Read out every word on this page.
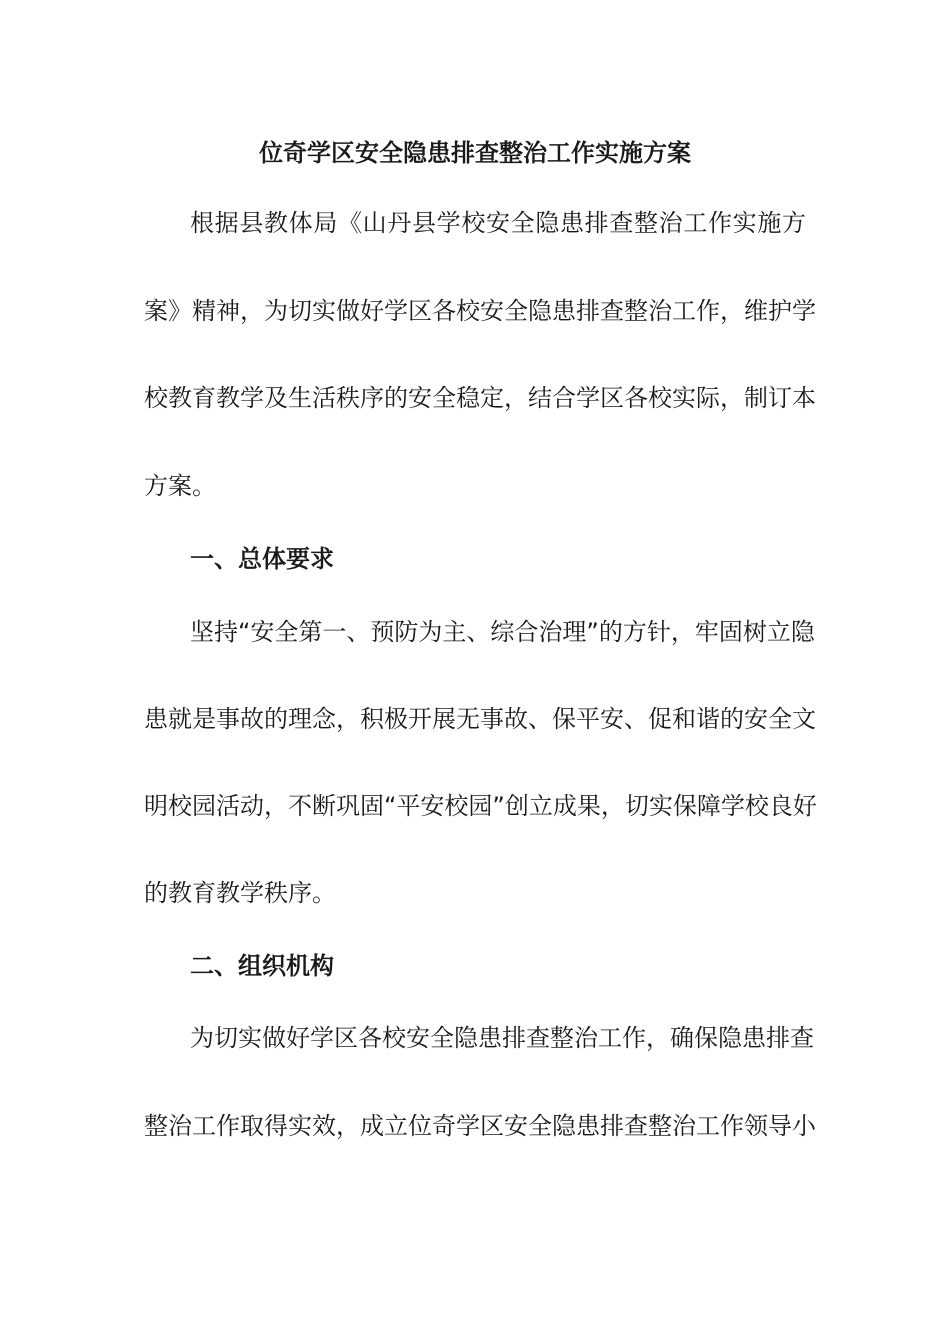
位奇学区安全隐患排查整治工作实施方案

根据县教体局《山丹县学校安全隐患排查整治工作实施方

案》精神，为切实做好学区各校安全隐患排查整治工作，维护学

校教育教学及生活秩序的安全稳定，结合学区各校实际，制订本

方案。

一、总体要求

坚持“安全第一、预防为主、综合治理”的方针，牢固树立隐

患就是事故的理念，积极开展无事故、保平安、促和谐的安全文

明校园活动，不断巩固“平安校园”创立成果，切实保障学校良好

的教育教学秩序。

二、组织机构

为切实做好学区各校安全隐患排查整治工作，确保隐患排查

整治工作取得实效，成立位奇学区安全隐患排查整治工作领导小
